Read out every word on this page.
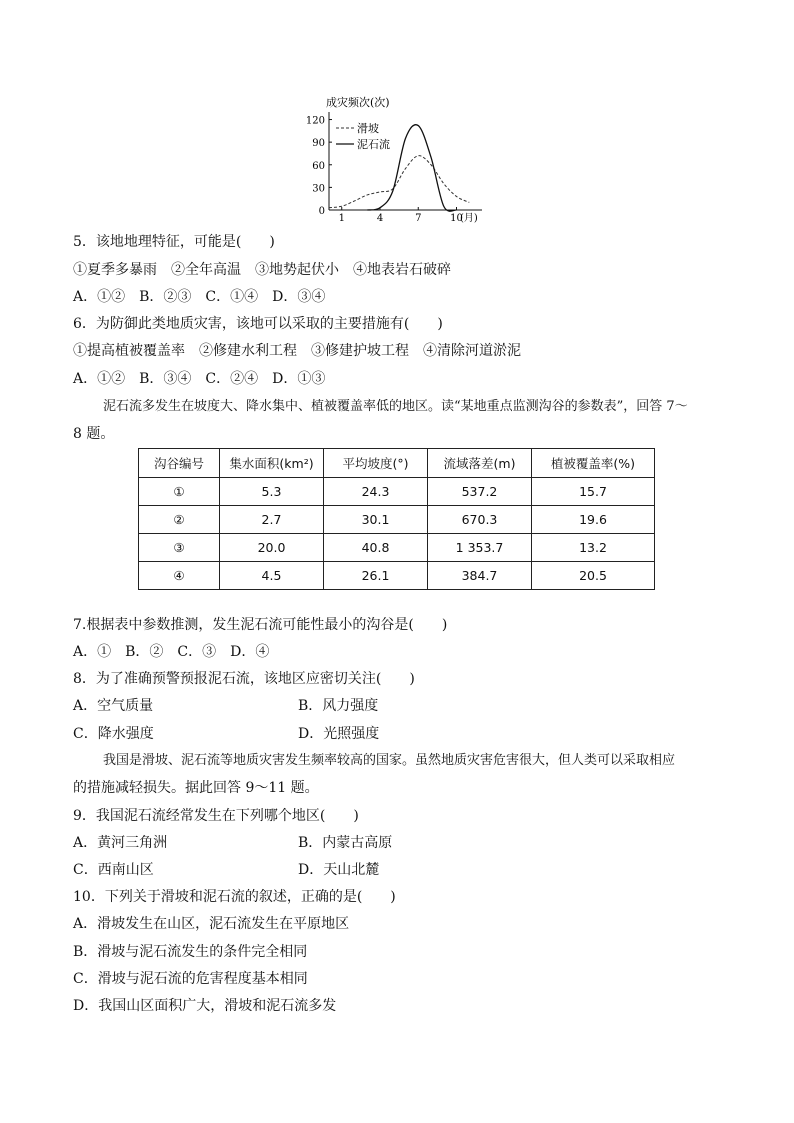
成灾频次(次)
0
30
60
90
120
1	4	7	10
滑坡
泥石流
(月)
5．该地地理特征，可能是(　　)
①夏季多暴雨　②全年高温　③地势起伏小　④地表岩石破碎
A．①②　B．②③　C．①④　D．③④
6．为防御此类地质灾害，该地可以采取的主要措施有(　　)
①提高植被覆盖率　②修建水利工程　③修建护坡工程　④清除河道淤泥
A．①②　B．③④　C．②④　D．①③
泥石流多发生在坡度大、降水集中、植被覆盖率低的地区。读“某地重点监测沟谷的参数表”，回答 7～
8 题。
沟谷编号	集水面积(km²)	平均坡度(°)	流域落差(m)	植被覆盖率(%)
①	5.3	24.3	537.2	15.7
②	2.7	30.1	670.3	19.6
③	20.0	40.8	1 353.7	13.2
④	4.5	26.1	384.7	20.5
7.根据表中参数推测，发生泥石流可能性最小的沟谷是(　　)
A．①　B．②　C．③　D．④
8．为了准确预警预报泥石流，该地区应密切关注(　　)
A．空气质量	B．风力强度
C．降水强度	D．光照强度
我国是滑坡、泥石流等地质灾害发生频率较高的国家。虽然地质灾害危害很大，但人类可以采取相应
的措施减轻损失。据此回答 9～11 题。
9．我国泥石流经常发生在下列哪个地区(　　)
A．黄河三角洲	B．内蒙古高原
C．西南山区	D．天山北麓
10．下列关于滑坡和泥石流的叙述，正确的是(　　)
A．滑坡发生在山区，泥石流发生在平原地区
B．滑坡与泥石流发生的条件完全相同
C．滑坡与泥石流的危害程度基本相同
D．我国山区面积广大，滑坡和泥石流多发
